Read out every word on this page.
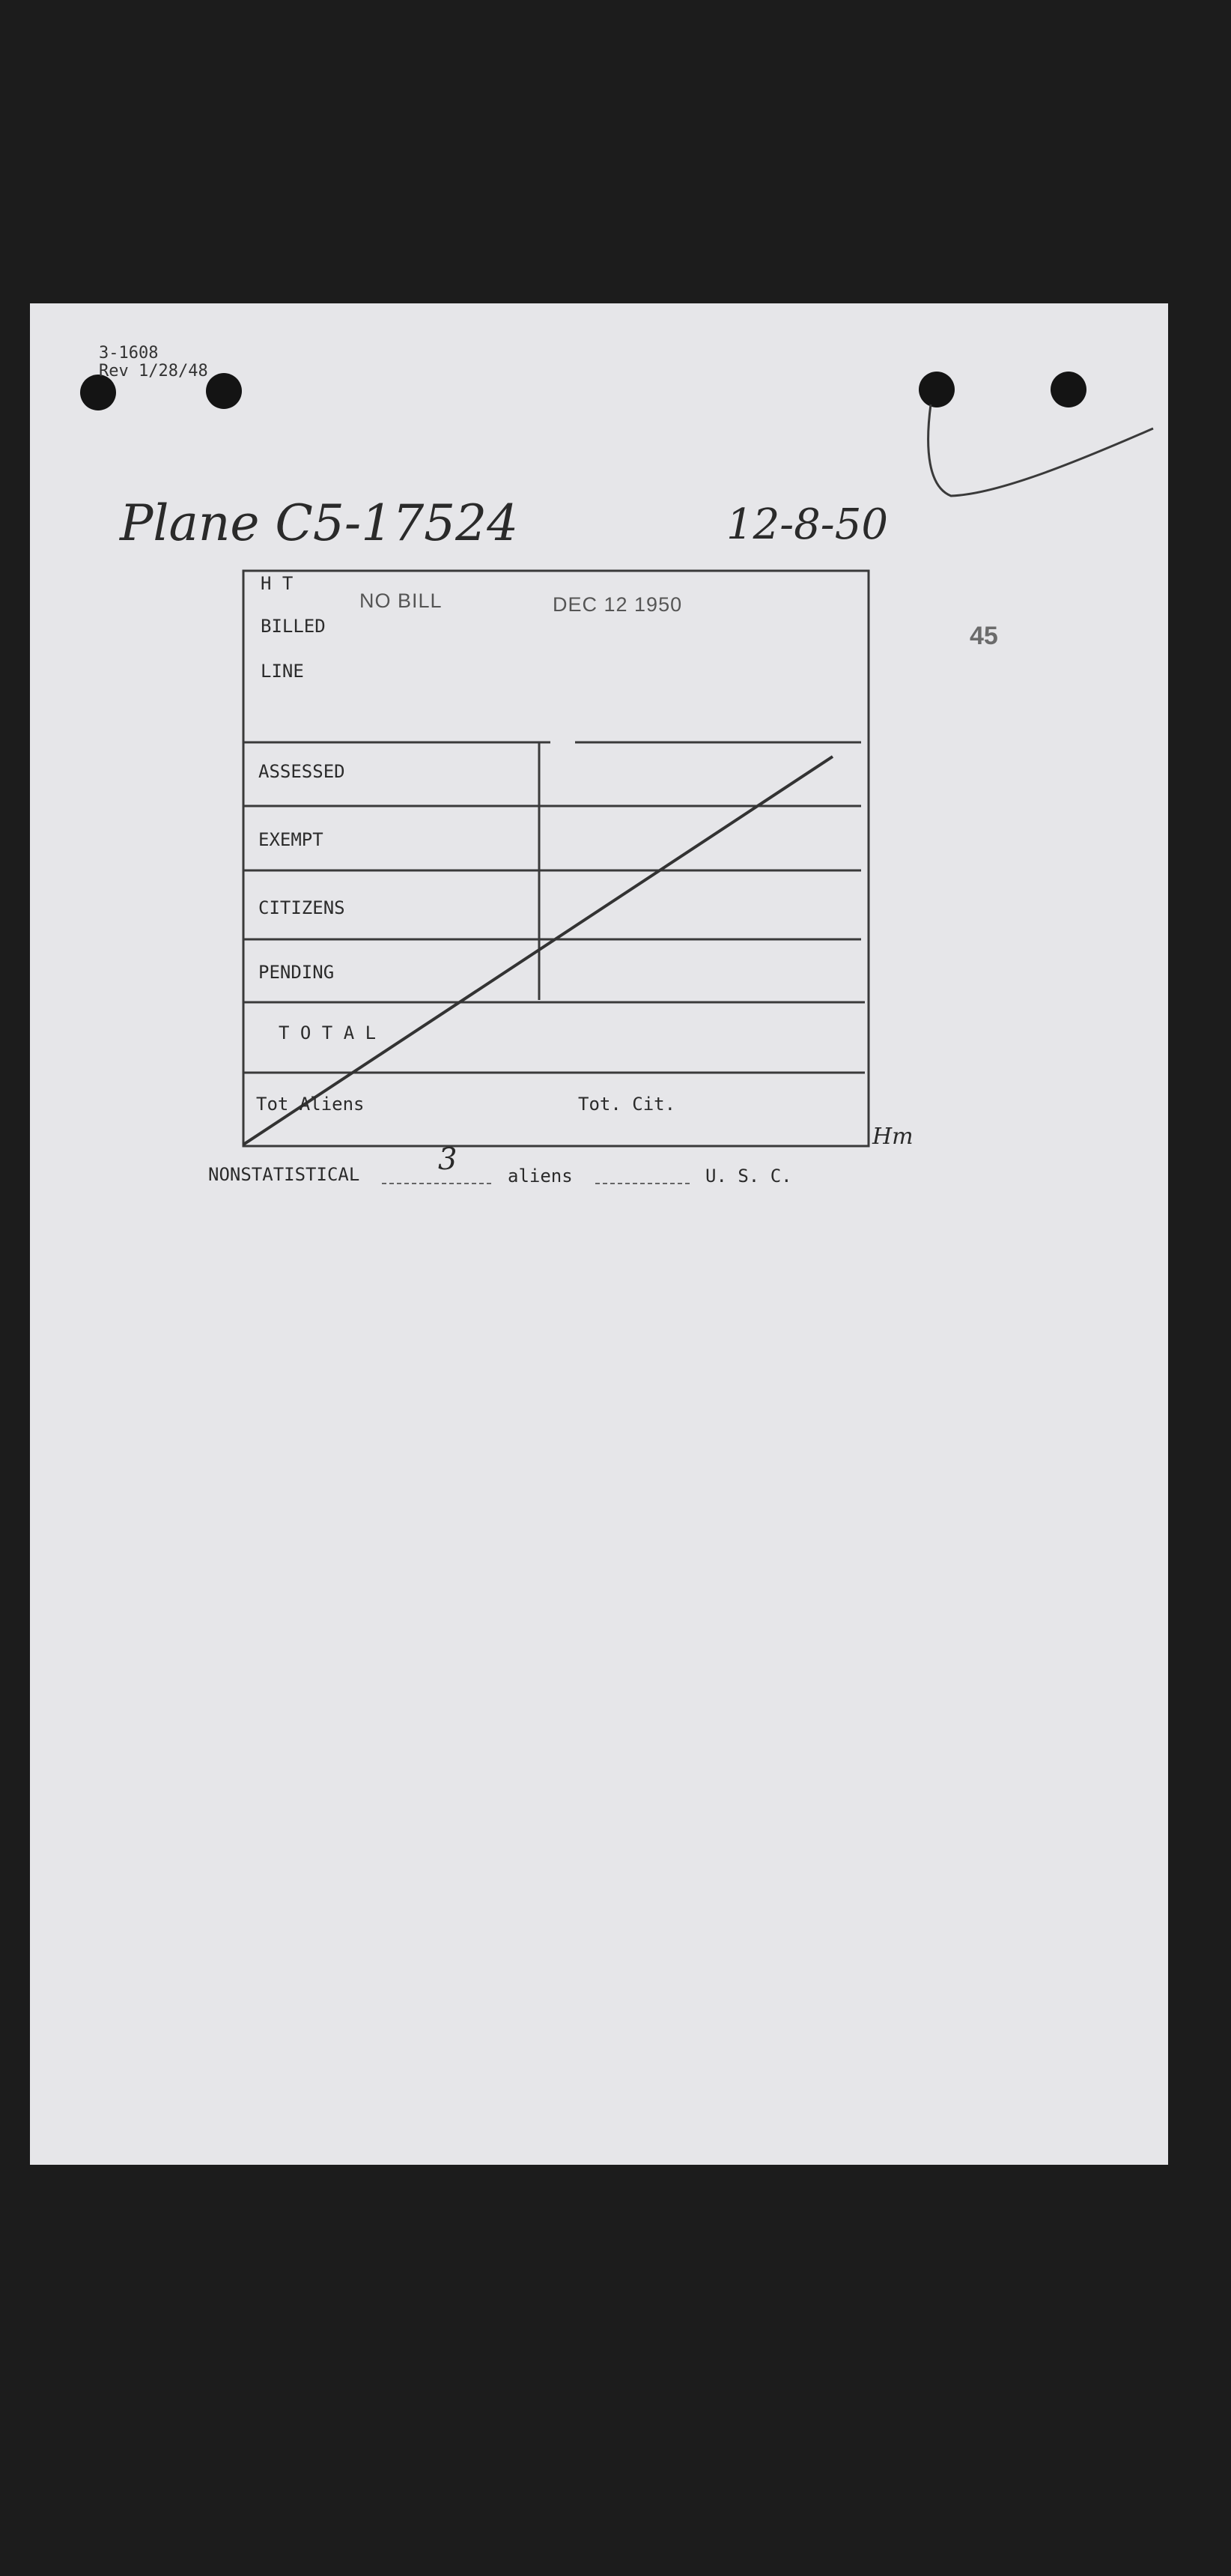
3-1608
Rev 1/28/48
Plane C5-17524	12-8-50
45
NO BILL	DEC 12 1950
H T
BILLED
LINE
ASSESSED
EXEMPT
CITIZENS
PENDING
T O T A L
Tot Aliens	Tot. Cit.
Hm
NONSTATISTICAL	3	aliens	U. S. C.
